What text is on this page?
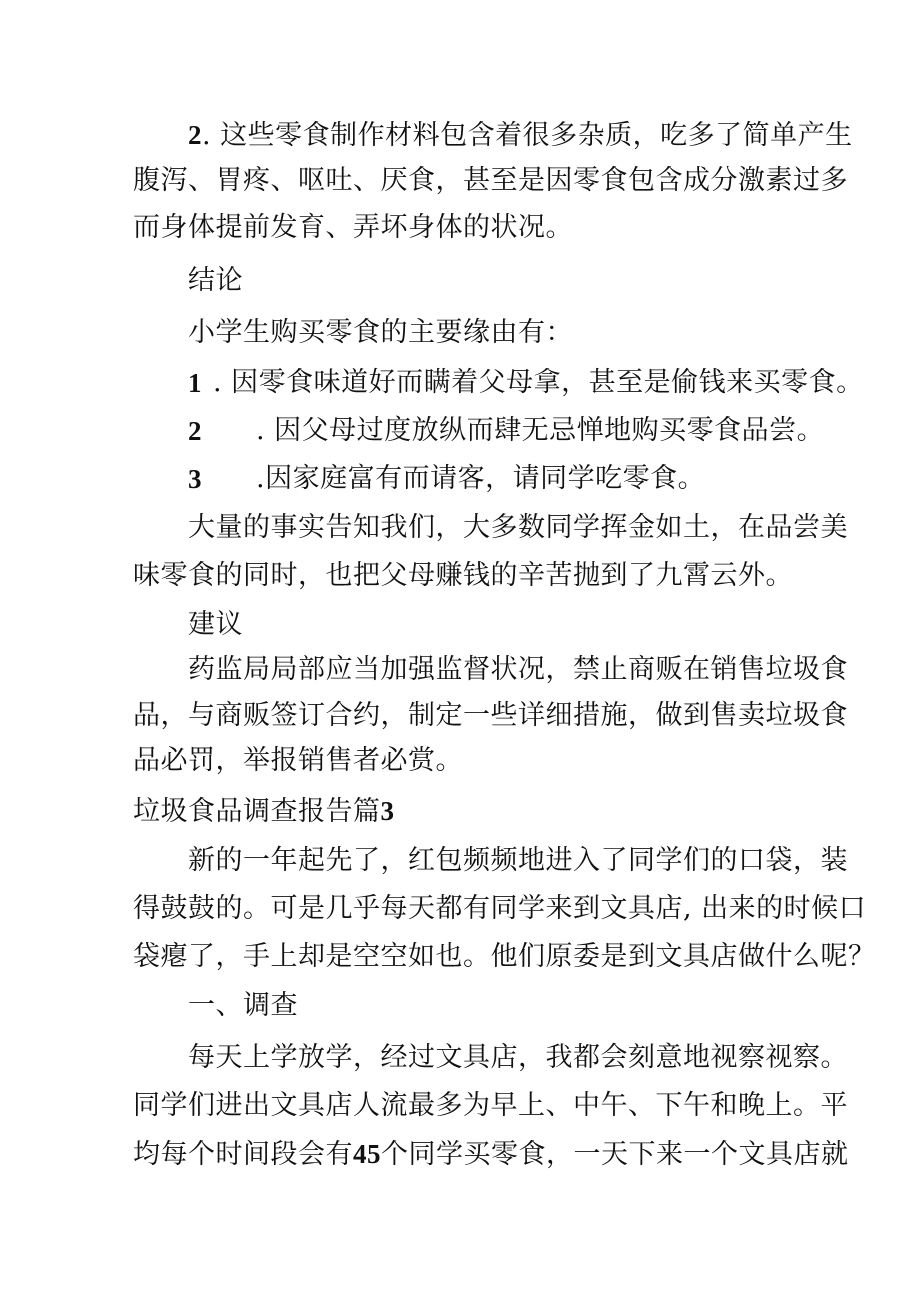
2. 这些零食制作材料包含着很多杂质，吃多了简单产生
腹泻、胃疼、呕吐、厌食，甚至是因零食包含成分激素过多
而身体提前发育、弄坏身体的状况。
结论
小学生购买零食的主要缘由有：
1 . 因零食味道好而瞒着父母拿，甚至是偷钱来买零食。
2 . 因父母过度放纵而肆无忌惮地购买零食品尝。
3 .因家庭富有而请客，请同学吃零食。
大量的事实告知我们，大多数同学挥金如土，在品尝美
味零食的同时，也把父母赚钱的辛苦抛到了九霄云外。
建议
药监局局部应当加强监督状况，禁止商贩在销售垃圾食
品，与商贩签订合约，制定一些详细措施，做到售卖垃圾食
品必罚，举报销售者必赏。
垃圾食品调查报告篇3
新的一年起先了，红包频频地进入了同学们的口袋，装
得鼓鼓的。可是几乎每天都有同学来到文具店, 出来的时候口
袋瘪了，手上却是空空如也。他们原委是到文具店做什么呢？
一、调查
每天上学放学，经过文具店，我都会刻意地视察视察。
同学们进出文具店人流最多为早上、中午、下午和晚上。平
均每个时间段会有45个同学买零食，一天下来一个文具店就
